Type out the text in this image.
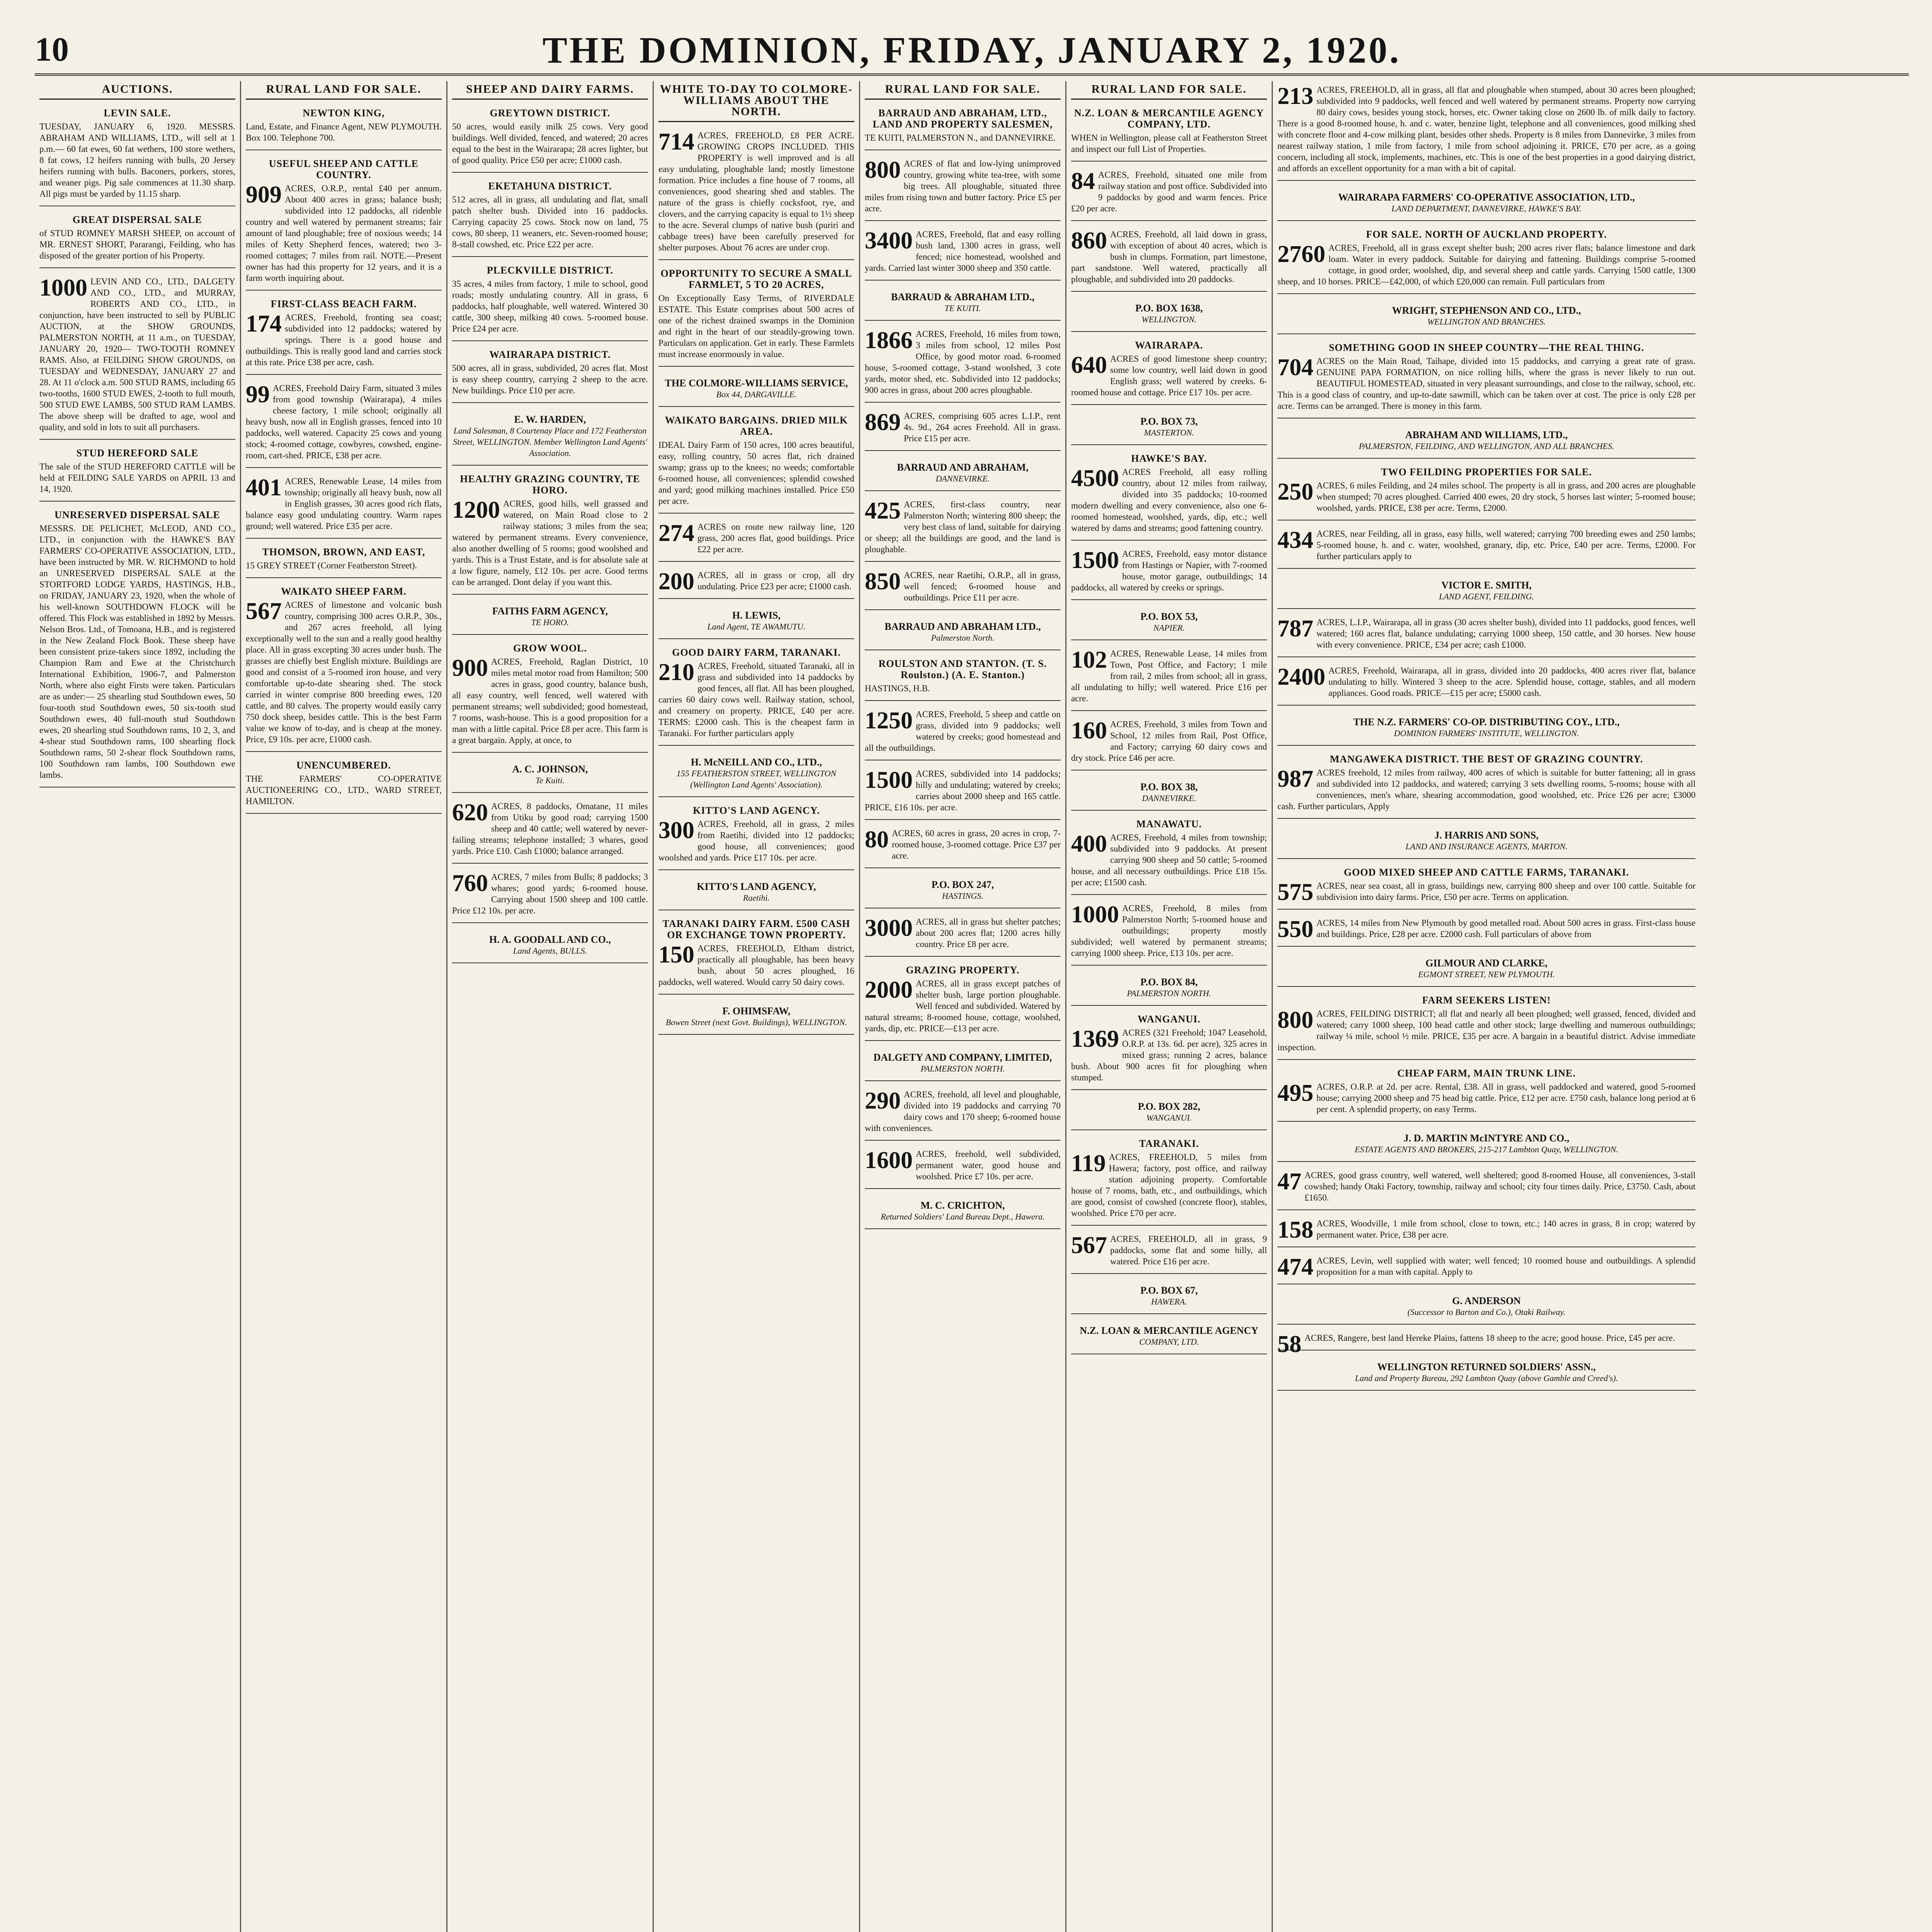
10	THE DOMINION, FRIDAY, JANUARY 2, 1920.
AUCTIONS.
LEVIN SALE.

TUESDAY, JANUARY 6, 1920. MESSRS. ABRAHAM AND WILLIAMS, LTD., will sell at 1 p.m.— 60 fat ewes, 60 fat wethers, 100 store wethers, 8 fat cows, 12 heifers running with bulls, 20 Jersey heifers running with bulls. Baconers, porkers, stores, and weaner pigs. Pig sale commences at 11.30 sharp. All pigs must be yarded by 11.15 sharp.

GREAT DISPERSAL SALE

of STUD ROMNEY MARSH SHEEP, on account of MR. ERNEST SHORT, Pararangi, Feilding, who has disposed of the greater portion of his Property.

1000 LEVIN AND CO., LTD., DALGETY AND CO., LTD., and MURRAY, ROBERTS AND CO., LTD., in conjunction, have been instructed to sell by PUBLIC AUCTION, at the SHOW GROUNDS, PALMERSTON NORTH, at 11 a.m., on TUESDAY, JANUARY 20, 1920— TWO-TOOTH ROMNEY RAMS. Also, at FEILDING SHOW GROUNDS, on TUESDAY and WEDNESDAY, JANUARY 27 and 28. At 11 o'clock a.m. 500 STUD RAMS, including 65 two-tooths, 1600 STUD EWES, 2-tooth to full mouth, 500 STUD EWE LAMBS, 500 STUD RAM LAMBS. The above sheep will be drafted to age, wool and quality, and sold in lots to suit all purchasers.

STUD HEREFORD SALE

The sale of the STUD HEREFORD CATTLE will be held at FEILDING SALE YARDS on APRIL 13 and 14, 1920.

UNRESERVED DISPERSAL SALE

MESSRS. DE PELICHET, McLEOD, AND CO., LTD., in conjunction with the HAWKE'S BAY FARMERS' CO-OPERATIVE ASSOCIATION, LTD., have been instructed by MR. W. RICHMOND to hold an UNRESERVED DISPERSAL SALE at the STORTFORD LODGE YARDS, HASTINGS, H.B., on FRIDAY, JANUARY 23, 1920, when the whole of his well-known SOUTHDOWN FLOCK will be offered. This Flock was established in 1892 by Messrs. Nelson Bros. Ltd., of Tomoana, H.B., and is registered in the New Zealand Flock Book. These sheep have been consistent prize-takers since 1892, including the Champion Ram and Ewe at the Christchurch International Exhibition, 1906-7, and Palmerston North, where also eight Firsts were taken. Particulars are as under:— 25 shearling stud Southdown ewes, 50 four-tooth stud Southdown ewes, 50 six-tooth stud Southdown ewes, 40 full-mouth stud Southdown ewes, 20 shearling stud Southdown rams, 10 2, 3, and 4-shear stud Southdown rams, 100 shearling flock Southdown rams, 50 2-shear flock Southdown rams, 100 Southdown ram lambs, 100 Southdown ewe lambs.

RURAL LAND FOR SALE.
NEWTON KING,

Land, Estate, and Finance Agent, NEW PLYMOUTH. Box 100. Telephone 700.

USEFUL SHEEP AND CATTLE COUNTRY.
909 ACRES, O.R.P., rental £40 per annum. About 400 acres in grass; balance bush; subdivided into 12 paddocks, all ridenble country and well watered by permanent streams; fair amount of land ploughable; free of noxious weeds; 14 miles of Ketty Shepherd fences, watered; two 3-roomed cottages; 7 miles from rail. NOTE.—Present owner has had this property for 12 years, and it is a farm worth inquiring about.

FIRST-CLASS BEACH FARM.
174 ACRES, Freehold, fronting sea coast; subdivided into 12 paddocks; watered by springs. There is a good house and outbuildings. This is really good land and carries stock at this rate. Price £38 per acre, cash.

99 ACRES, Freehold Dairy Farm, situated 3 miles from good township (Wairarapa), 4 miles cheese factory, 1 mile school; originally all heavy bush, now all in English grasses, fenced into 10 paddocks, well watered. Capacity 25 cows and young stock; 4-roomed cottage, cowbyres, cowshed, engine-room, cart-shed. PRICE, £38 per acre.

401 ACRES, Renewable Lease, 14 miles from township; originally all heavy bush, now all in English grasses, 30 acres good rich flats, balance easy good undulating country. Warm rapes ground; well watered. Price £35 per acre.

THOMSON, BROWN, AND EAST,

15 GREY STREET (Corner Featherston Street).

WAIKATO SHEEP FARM.
567 ACRES of limestone and volcanic bush country, comprising 300 acres O.R.P., 30s., and 267 acres freehold, all lying exceptionally well to the sun and a really good healthy place. All in grass excepting 30 acres under bush. The grasses are chiefly best English mixture. Buildings are good and consist of a 5-roomed iron house, and very comfortable up-to-date shearing shed. The stock carried in winter comprise 800 breeding ewes, 120 cattle, and 80 calves. The property would easily carry 750 dock sheep, besides cattle. This is the best Farm value we know of to-day, and is cheap at the money. Price, £9 10s. per acre, £1000 cash.

UNENCUMBERED.

THE FARMERS' CO-OPERATIVE AUCTIONEERING CO., LTD., WARD STREET, HAMILTON.

SHEEP AND DAIRY FARMS.
GREYTOWN DISTRICT.

50 acres, would easily milk 25 cows. Very good buildings. Well divided, fenced, and watered; 20 acres equal to the best in the Wairarapa; 28 acres lighter, but of good quality. Price £50 per acre; £1000 cash.

EKETAHUNA DISTRICT.

512 acres, all in grass, all undulating and flat, small patch shelter bush. Divided into 16 paddocks. Carrying capacity 25 cows. Stock now on land, 75 cows, 80 sheep, 11 weaners, etc. Seven-roomed house; 8-stall cowshed, etc. Price £22 per acre.

PLECKVILLE DISTRICT.

35 acres, 4 miles from factory, 1 mile to school, good roads; mostly undulating country. All in grass, 6 paddocks, half ploughable, well watered. Wintered 30 cattle, 300 sheep, milking 40 cows. 5-roomed house. Price £24 per acre.

WAIRARAPA DISTRICT.

500 acres, all in grass, subdivided, 20 acres flat. Most is easy sheep country, carrying 2 sheep to the acre. New buildings. Price £10 per acre.

E. W. HARDEN,
Land Salesman, 8 Courtenay Place and 172 Featherston Street, WELLINGTON. Member Wellington Land Agents' Association.
HEALTHY GRAZING COUNTRY, TE HORO.
1200 ACRES, good hills, well grassed and watered, on Main Road close to 2 railway stations; 3 miles from the sea; watered by permanent streams. Every convenience, also another dwelling of 5 rooms; good woolshed and yards. This is a Trust Estate, and is for absolute sale at a low figure, namely, £12 10s. per acre. Good terms can be arranged. Dont delay if you want this.

FAITHS FARM AGENCY,
TE HORO.
GROW WOOL.
900 ACRES, Freehold, Raglan District, 10 miles metal motor road from Hamilton; 500 acres in grass, good country, balance bush, all easy country, well fenced, well watered with permanent streams; well subdivided; good homestead, 7 rooms, wash-house. This is a good proposition for a man with a little capital. Price £8 per acre. This farm is a great bargain. Apply, at once, to

A. C. JOHNSON,
Te Kuiti.
620 ACRES, 8 paddocks, Omatane, 11 miles from Utiku by good road; carrying 1500 sheep and 40 cattle; well watered by never-failing streams; telephone installed; 3 whares, good yards. Price £10. Cash £1000; balance arranged.

760 ACRES, 7 miles from Bulls; 8 paddocks; 3 whares; good yards; 6-roomed house. Carrying about 1500 sheep and 100 cattle. Price £12 10s. per acre.

H. A. GOODALL AND CO.,
Land Agents, BULLS.
WHITE TO-DAY TO COLMORE-WILLIAMS ABOUT THE NORTH.
714 ACRES, FREEHOLD, £8 PER ACRE. GROWING CROPS INCLUDED. THIS PROPERTY is well improved and is all easy undulating, ploughable land; mostly limestone formation. Price includes a fine house of 7 rooms, all conveniences, good shearing shed and stables. The nature of the grass is chiefly cocksfoot, rye, and clovers, and the carrying capacity is equal to 1½ sheep to the acre. Several clumps of native bush (puriri and cabbage trees) have been carefully preserved for shelter purposes. About 76 acres are under crop.

OPPORTUNITY TO SECURE A SMALL FARMLET, 5 TO 20 ACRES,

On Exceptionally Easy Terms, of RIVERDALE ESTATE. This Estate comprises about 500 acres of one of the richest drained swamps in the Dominion and right in the heart of our steadily-growing town. Particulars on application. Get in early. These Farmlets must increase enormously in value.

THE COLMORE-WILLIAMS SERVICE,
Box 44, DARGAVILLE.
WAIKATO BARGAINS. DRIED MILK AREA.

IDEAL Dairy Farm of 150 acres, 100 acres beautiful, easy, rolling country, 50 acres flat, rich drained swamp; grass up to the knees; no weeds; comfortable 6-roomed house, all conveniences; splendid cowshed and yard; good milking machines installed. Price £50 per acre.

274 ACRES on route new railway line, 120 grass, 200 acres flat, good buildings. Price £22 per acre.

200 ACRES, all in grass or crop, all dry undulating. Price £23 per acre; £1000 cash.

H. LEWIS,
Land Agent, TE AWAMUTU.
GOOD DAIRY FARM, TARANAKI.
210 ACRES, Freehold, situated Taranaki, all in grass and subdivided into 14 paddocks by good fences, all flat. All has been ploughed, carries 60 dairy cows well. Railway station, school, and creamery on property. PRICE, £40 per acre. TERMS: £2000 cash. This is the cheapest farm in Taranaki. For further particulars apply

H. McNEILL AND CO., LTD.,
155 FEATHERSTON STREET, WELLINGTON (Wellington Land Agents' Association).
KITTO'S LAND AGENCY.
300 ACRES, Freehold, all in grass, 2 miles from Raetihi, divided into 12 paddocks; good house, all conveniences; good woolshed and yards. Price £17 10s. per acre.

KITTO'S LAND AGENCY,
Raetihi.
TARANAKI DAIRY FARM. £500 CASH OR EXCHANGE TOWN PROPERTY.
150 ACRES, FREEHOLD, Eltham district, practically all ploughable, has been heavy bush, about 50 acres ploughed, 16 paddocks, well watered. Would carry 50 dairy cows.

F. OHIMSFAW,
Bowen Street (next Govt. Buildings), WELLINGTON.
RURAL LAND FOR SALE.
BARRAUD AND ABRAHAM, LTD., LAND AND PROPERTY SALESMEN,

TE KUITI, PALMERSTON N., and DANNEVIRKE.

800 ACRES of flat and low-lying unimproved country, growing white tea-tree, with some big trees. All ploughable, situated three miles from rising town and butter factory. Price £5 per acre.

3400 ACRES, Freehold, flat and easy rolling bush land, 1300 acres in grass, well fenced; nice homestead, woolshed and yards. Carried last winter 3000 sheep and 350 cattle.

BARRAUD & ABRAHAM LTD.,
TE KUITI.
1866 ACRES, Freehold, 16 miles from town, 3 miles from school, 12 miles Post Office, by good motor road. 6-roomed house, 5-roomed cottage, 3-stand woolshed, 3 cote yards, motor shed, etc. Subdivided into 12 paddocks; 900 acres in grass, about 200 acres ploughable.

869 ACRES, comprising 605 acres L.I.P., rent 4s. 9d., 264 acres Freehold. All in grass. Price £15 per acre.

BARRAUD AND ABRAHAM,
DANNEVIRKE.
425 ACRES, first-class country, near Palmerston North; wintering 800 sheep; the very best class of land, suitable for dairying or sheep; all the buildings are good, and the land is ploughable.

850 ACRES, near Raetihi, O.R.P., all in grass, well fenced; 6-roomed house and outbuildings. Price £11 per acre.

BARRAUD AND ABRAHAM LTD.,
Palmerston North.
ROULSTON AND STANTON. (T. S. Roulston.) (A. E. Stanton.)

HASTINGS, H.B.

1250 ACRES, Freehold, 5 sheep and cattle on grass, divided into 9 paddocks; well watered by creeks; good homestead and all the outbuildings.

1500 ACRES, subdivided into 14 paddocks; hilly and undulating; watered by creeks; carries about 2000 sheep and 165 cattle. PRICE, £16 10s. per acre.

80 ACRES, 60 acres in grass, 20 acres in crop, 7-roomed house, 3-roomed cottage. Price £37 per acre.

P.O. BOX 247,
HASTINGS.
3000 ACRES, all in grass but shelter patches; about 200 acres flat; 1200 acres hilly country. Price £8 per acre.

GRAZING PROPERTY.
2000 ACRES, all in grass except patches of shelter bush, large portion ploughable. Well fenced and subdivided. Watered by natural streams; 8-roomed house, cottage, woolshed, yards, dip, etc. PRICE—£13 per acre.

DALGETY AND COMPANY, LIMITED,
PALMERSTON NORTH.
290 ACRES, freehold, all level and ploughable, divided into 19 paddocks and carrying 70 dairy cows and 170 sheep; 6-roomed house with conveniences.

1600 ACRES, freehold, well subdivided, permanent water, good house and woolshed. Price £7 10s. per acre.

M. C. CRICHTON,
Returned Soldiers' Land Bureau Dept., Hawera.
RURAL LAND FOR SALE.
N.Z. LOAN & MERCANTILE AGENCY COMPANY, LTD.

WHEN in Wellington, please call at Featherston Street and inspect our full List of Properties.

84 ACRES, Freehold, situated one mile from railway station and post office. Subdivided into 9 paddocks by good and warm fences. Price £20 per acre.

860 ACRES, Freehold, all laid down in grass, with exception of about 40 acres, which is bush in clumps. Formation, part limestone, part sandstone. Well watered, practically all ploughable, and subdivided into 20 paddocks.

P.O. BOX 1638,
WELLINGTON.
WAIRARAPA.
640 ACRES of good limestone sheep country; some low country, well laid down in good English grass; well watered by creeks. 6-roomed house and cottage. Price £17 10s. per acre.

P.O. BOX 73,
MASTERTON.
HAWKE'S BAY.
4500 ACRES Freehold, all easy rolling country, about 12 miles from railway, divided into 35 paddocks; 10-roomed modern dwelling and every convenience, also one 6-roomed homestead, woolshed, yards, dip, etc.; well watered by dams and streams; good fattening country.

1500 ACRES, Freehold, easy motor distance from Hastings or Napier, with 7-roomed house, motor garage, outbuildings; 14 paddocks, all watered by creeks or springs.

P.O. BOX 53,
NAPIER.
102 ACRES, Renewable Lease, 14 miles from Town, Post Office, and Factory; 1 mile from rail, 2 miles from school; all in grass, all undulating to hilly; well watered. Price £16 per acre.

160 ACRES, Freehold, 3 miles from Town and School, 12 miles from Rail, Post Office, and Factory; carrying 60 dairy cows and dry stock. Price £46 per acre.

P.O. BOX 38,
DANNEVIRKE.
MANAWATU.
400 ACRES, Freehold, 4 miles from township; subdivided into 9 paddocks. At present carrying 900 sheep and 50 cattle; 5-roomed house, and all necessary outbuildings. Price £18 15s. per acre; £1500 cash.

1000 ACRES, Freehold, 8 miles from Palmerston North; 5-roomed house and outbuildings; property mostly subdivided; well watered by permanent streams; carrying 1000 sheep. Price, £13 10s. per acre.

P.O. BOX 84,
PALMERSTON NORTH.
WANGANUI.
1369 ACRES (321 Freehold; 1047 Leasehold, O.R.P. at 13s. 6d. per acre), 325 acres in mixed grass; running 2 acres, balance bush. About 900 acres fit for ploughing when stumped.

P.O. BOX 282,
WANGANUI.
TARANAKI.
119 ACRES, FREEHOLD, 5 miles from Hawera; factory, post office, and railway station adjoining property. Comfortable house of 7 rooms, bath, etc., and outbuildings, which are good, consist of cowshed (concrete floor), stables, woolshed. Price £70 per acre.

567 ACRES, FREEHOLD, all in grass, 9 paddocks, some flat and some hilly, all watered. Price £16 per acre.

P.O. BOX 67,
HAWERA.
N.Z. LOAN & MERCANTILE AGENCY
COMPANY, LTD.
213 ACRES, FREEHOLD, all in grass, all flat and ploughable when stumped, about 30 acres been ploughed; subdivided into 9 paddocks, well fenced and well watered by permanent streams. Property now carrying 80 dairy cows, besides young stock, horses, etc. Owner taking close on 2600 lb. of milk daily to factory. There is a good 8-roomed house, h. and c. water, benzine light, telephone and all conveniences, good milking shed with concrete floor and 4-cow milking plant, besides other sheds. Property is 8 miles from Dannevirke, 3 miles from nearest railway station, 1 mile from factory, 1 mile from school adjoining it. PRICE, £70 per acre, as a going concern, including all stock, implements, machines, etc. This is one of the best properties in a good dairying district, and affords an excellent opportunity for a man with a bit of capital.

WAIRARAPA FARMERS' CO-OPERATIVE ASSOCIATION, LTD.,
LAND DEPARTMENT, DANNEVIRKE, HAWKE'S BAY.
FOR SALE. NORTH OF AUCKLAND PROPERTY.
2760 ACRES, Freehold, all in grass except shelter bush; 200 acres river flats; balance limestone and dark loam. Water in every paddock. Suitable for dairying and fattening. Buildings comprise 5-roomed cottage, in good order, woolshed, dip, and several sheep and cattle yards. Carrying 1500 cattle, 1300 sheep, and 10 horses. PRICE—£42,000, of which £20,000 can remain. Full particulars from

WRIGHT, STEPHENSON AND CO., LTD.,
WELLINGTON AND BRANCHES.
SOMETHING GOOD IN SHEEP COUNTRY—THE REAL THING.
704 ACRES on the Main Road, Taihape, divided into 15 paddocks, and carrying a great rate of grass. GENUINE PAPA FORMATION, on nice rolling hills, where the grass is never likely to run out. BEAUTIFUL HOMESTEAD, situated in very pleasant surroundings, and close to the railway, school, etc. This is a good class of country, and up-to-date sawmill, which can be taken over at cost. The price is only £28 per acre. Terms can be arranged. There is money in this farm.

ABRAHAM AND WILLIAMS, LTD.,
PALMERSTON, FEILDING, AND WELLINGTON, AND ALL BRANCHES.
TWO FEILDING PROPERTIES FOR SALE.
250 ACRES, 6 miles Feilding, and 24 miles school. The property is all in grass, and 200 acres are ploughable when stumped; 70 acres ploughed. Carried 400 ewes, 20 dry stock, 5 horses last winter; 5-roomed house; woolshed, yards. PRICE, £38 per acre. Terms, £2000.

434 ACRES, near Feilding, all in grass, easy hills, well watered; carrying 700 breeding ewes and 250 lambs; 5-roomed house, h. and c. water, woolshed, granary, dip, etc. Price, £40 per acre. Terms, £2000. For further particulars apply to

VICTOR E. SMITH,
LAND AGENT, FEILDING.
787 ACRES, L.I.P., Wairarapa, all in grass (30 acres shelter bush), divided into 11 paddocks, good fences, well watered; 160 acres flat, balance undulating; carrying 1000 sheep, 150 cattle, and 30 horses. New house with every convenience. PRICE, £34 per acre; cash £1000.

2400 ACRES, Freehold, Wairarapa, all in grass, divided into 20 paddocks, 400 acres river flat, balance undulating to hilly. Wintered 3 sheep to the acre. Splendid house, cottage, stables, and all modern appliances. Good roads. PRICE—£15 per acre; £5000 cash.

THE N.Z. FARMERS' CO-OP. DISTRIBUTING COY., LTD.,
DOMINION FARMERS' INSTITUTE, WELLINGTON.
MANGAWEKA DISTRICT. THE BEST OF GRAZING COUNTRY.
987 ACRES freehold, 12 miles from railway, 400 acres of which is suitable for butter fattening; all in grass and subdivided into 12 paddocks, and watered; carrying 3 sets dwelling rooms, 5-rooms; house with all conveniences, men's whare, shearing accommodation, good woolshed, etc. Price £26 per acre; £3000 cash. Further particulars, Apply

J. HARRIS AND SONS,
LAND AND INSURANCE AGENTS, MARTON.
GOOD MIXED SHEEP AND CATTLE FARMS, TARANAKI.
575 ACRES, near sea coast, all in grass, buildings new, carrying 800 sheep and over 100 cattle. Suitable for subdivision into dairy farms. Price, £50 per acre. Terms on application.

550 ACRES, 14 miles from New Plymouth by good metalled road. About 500 acres in grass. First-class house and buildings. Price, £28 per acre. £2000 cash. Full particulars of above from

GILMOUR AND CLARKE,
EGMONT STREET, NEW PLYMOUTH.
FARM SEEKERS LISTEN!
800 ACRES, FEILDING DISTRICT; all flat and nearly all been ploughed; well grassed, fenced, divided and watered; carry 1000 sheep, 100 head cattle and other stock; large dwelling and numerous outbuildings; railway ¼ mile, school ½ mile. PRICE, £35 per acre. A bargain in a beautiful district. Advise immediate inspection.

CHEAP FARM, MAIN TRUNK LINE.
495 ACRES, O.R.P. at 2d. per acre. Rental, £38. All in grass, well paddocked and watered, good 5-roomed house; carrying 2000 sheep and 75 head big cattle. Price, £12 per acre. £750 cash, balance long period at 6 per cent. A splendid property, on easy Terms.

J. D. MARTIN McINTYRE AND CO.,
ESTATE AGENTS AND BROKERS, 215-217 Lambton Quay, WELLINGTON.
47 ACRES, good grass country, well watered, well sheltered; good 8-roomed House, all conveniences, 3-stall cowshed; handy Otaki Factory, township, railway and school; city four times daily. Price, £3750. Cash, about £1650.

158 ACRES, Woodville, 1 mile from school, close to town, etc.; 140 acres in grass, 8 in crop; watered by permanent water. Price, £38 per acre.

474 ACRES, Levin, well supplied with water; well fenced; 10 roomed house and outbuildings. A splendid proposition for a man with capital. Apply to

G. ANDERSON
(Successor to Barton and Co.), Otaki Railway.
58 ACRES, Rangere, best land Hereke Plains, fattens 18 sheep to the acre; good house. Price, £45 per acre.

WELLINGTON RETURNED SOLDIERS' ASSN.,
Land and Property Bureau, 292 Lambton Quay (above Gamble and Creed's).
